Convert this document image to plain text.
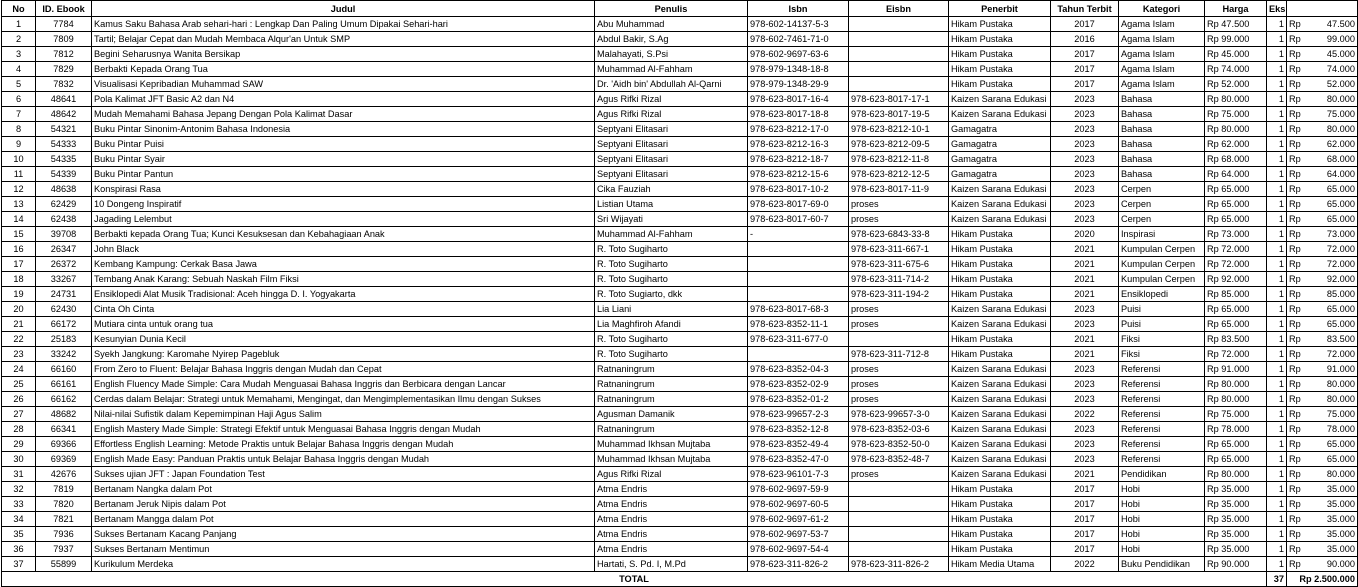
No	ID. Ebook	Judul	Penulis	Isbn	Eisbn	Penerbit	Tahun Terbit	Kategori	Harga	Eks	
1	7784	Kamus Saku Bahasa Arab sehari-hari : Lengkap Dan Paling Umum Dipakai Sehari-hari	Abu Muhammad	978-602-14137-5-3		Hikam Pustaka	2017	Agama Islam	Rp 47.500	1	Rp 47.500

2	7809	Tartil; Belajar Cepat dan Mudah Membaca Alqur'an Untuk SMP	Abdul Bakir, S.Ag	978-602-7461-71-0		Hikam Pustaka	2016	Agama Islam	Rp 99.000	1	Rp 99.000

3	7812	Begini Seharusnya Wanita Bersikap	Malahayati, S.Psi	978-602-9697-63-6		Hikam Pustaka	2017	Agama Islam	Rp 45.000	1	Rp 45.000

4	7829	Berbakti Kepada Orang Tua	Muhammad Al-Fahham	978-979-1348-18-8		Hikam Pustaka	2017	Agama Islam	Rp 74.000	1	Rp 74.000

5	7832	Visualisasi Kepribadian Muhammad SAW	Dr. 'Aidh bin' Abdullah Al-Qarni	978-979-1348-29-9		Hikam Pustaka	2017	Agama Islam	Rp 52.000	1	Rp 52.000

6	48641	Pola Kalimat JFT Basic A2 dan N4	Agus Rifki Rizal	978-623-8017-16-4	978-623-8017-17-1	Kaizen Sarana Edukasi	2023	Bahasa	Rp 80.000	1	Rp 80.000

7	48642	Mudah Memahami Bahasa Jepang Dengan Pola Kalimat Dasar	Agus Rifki Rizal	978-623-8017-18-8	978-623-8017-19-5	Kaizen Sarana Edukasi	2023	Bahasa	Rp 75.000	1	Rp 75.000

8	54321	Buku Pintar Sinonim-Antonim Bahasa Indonesia	Septyani Elitasari	978-623-8212-17-0	978-623-8212-10-1	Gamagatra	2023	Bahasa	Rp 80.000	1	Rp 80.000

9	54333	Buku Pintar Puisi	Septyani Elitasari	978-623-8212-16-3	978-623-8212-09-5	Gamagatra	2023	Bahasa	Rp 62.000	1	Rp 62.000

10	54335	Buku Pintar Syair	Septyani Elitasari	978-623-8212-18-7	978-623-8212-11-8	Gamagatra	2023	Bahasa	Rp 68.000	1	Rp 68.000

11	54339	Buku Pintar Pantun	Septyani Elitasari	978-623-8212-15-6	978-623-8212-12-5	Gamagatra	2023	Bahasa	Rp 64.000	1	Rp 64.000

12	48638	Konspirasi Rasa	Cika Fauziah	978-623-8017-10-2	978-623-8017-11-9	Kaizen Sarana Edukasi	2023	Cerpen	Rp 65.000	1	Rp 65.000

13	62429	10 Dongeng Inspiratif	Listian Utama	978-623-8017-69-0	proses	Kaizen Sarana Edukasi	2023	Cerpen	Rp 65.000	1	Rp 65.000

14	62438	Jagading Lelembut	Sri Wijayati	978-623-8017-60-7	proses	Kaizen Sarana Edukasi	2023	Cerpen	Rp 65.000	1	Rp 65.000

15	39708	Berbakti kepada Orang Tua; Kunci Kesuksesan dan Kebahagiaan Anak	Muhammad Al-Fahham	-	978-623-6843-33-8	Hikam Pustaka	2020	Inspirasi	Rp 73.000	1	Rp 73.000

16	26347	John Black	R. Toto Sugiharto		978-623-311-667-1	Hikam Pustaka	2021	Kumpulan Cerpen	Rp 72.000	1	Rp 72.000

17	26372	Kembang Kampung: Cerkak Basa Jawa	R. Toto Sugiharto		978-623-311-675-6	Hikam Pustaka	2021	Kumpulan Cerpen	Rp 72.000	1	Rp 72.000

18	33267	Tembang Anak Karang: Sebuah Naskah Film Fiksi	R. Toto Sugiharto		978-623-311-714-2	Hikam Pustaka	2021	Kumpulan Cerpen	Rp 92.000	1	Rp 92.000

19	24731	Ensiklopedi Alat Musik Tradisional: Aceh hingga D. I. Yogyakarta	R. Toto Sugiarto, dkk		978-623-311-194-2	Hikam Pustaka	2021	Ensiklopedi	Rp 85.000	1	Rp 85.000

20	62430	Cinta Oh Cinta	Lia Liani	978-623-8017-68-3	proses	Kaizen Sarana Edukasi	2023	Puisi	Rp 65.000	1	Rp 65.000

21	66172	Mutiara cinta untuk orang tua	Lia Maghfiroh Afandi	978-623-8352-11-1	proses	Kaizen Sarana Edukasi	2023	Puisi	Rp 65.000	1	Rp 65.000

22	25183	Kesunyian Dunia Kecil	R. Toto Sugiharto	978-623-311-677-0		Hikam Pustaka	2021	Fiksi	Rp 83.500	1	Rp 83.500

23	33242	Syekh Jangkung: Karomahe Nyirep Pagebluk	R. Toto Sugiharto		978-623-311-712-8	Hikam Pustaka	2021	Fiksi	Rp 72.000	1	Rp 72.000

24	66160	From Zero to Fluent: Belajar Bahasa Inggris dengan Mudah dan Cepat	Ratnaningrum	978-623-8352-04-3	proses	Kaizen Sarana Edukasi	2023	Referensi	Rp 91.000	1	Rp 91.000

25	66161	English Fluency Made Simple: Cara Mudah Menguasai Bahasa Inggris dan Berbicara dengan Lancar	Ratnaningrum	978-623-8352-02-9	proses	Kaizen Sarana Edukasi	2023	Referensi	Rp 80.000	1	Rp 80.000

26	66162	Cerdas dalam Belajar: Strategi untuk Memahami, Mengingat, dan Mengimplementasikan Ilmu dengan Sukses	Ratnaningrum	978-623-8352-01-2	proses	Kaizen Sarana Edukasi	2023	Referensi	Rp 80.000	1	Rp 80.000

27	48682	Nilai-nilai Sufistik dalam Kepemimpinan Haji Agus Salim	Agusman Damanik	978-623-99657-2-3	978-623-99657-3-0	Kaizen Sarana Edukasi	2022	Referensi	Rp 75.000	1	Rp 75.000

28	66341	English Mastery Made Simple: Strategi Efektif untuk Menguasai Bahasa Inggris dengan Mudah	Ratnaningrum	978-623-8352-12-8	978-623-8352-03-6	Kaizen Sarana Edukasi	2023	Referensi	Rp 78.000	1	Rp 78.000

29	69366	Effortless English Learning: Metode Praktis untuk Belajar Bahasa Inggris dengan Mudah	Muhammad Ikhsan Mujtaba	978-623-8352-49-4	978-623-8352-50-0	Kaizen Sarana Edukasi	2023	Referensi	Rp 65.000	1	Rp 65.000

30	69369	English Made Easy: Panduan Praktis untuk Belajar Bahasa Inggris dengan Mudah	Muhammad Ikhsan Mujtaba	978-623-8352-47-0	978-623-8352-48-7	Kaizen Sarana Edukasi	2023	Referensi	Rp 65.000	1	Rp 65.000

31	42676	Sukses ujian JFT : Japan Foundation Test	Agus Rifki Rizal	978-623-96101-7-3	proses	Kaizen Sarana Edukasi	2021	Pendidikan	Rp 80.000	1	Rp 80.000

32	7819	Bertanam Nangka dalam Pot	Atma Endris	978-602-9697-59-9		Hikam Pustaka	2017	Hobi	Rp 35.000	1	Rp 35.000

33	7820	Bertanam Jeruk Nipis dalam Pot	Atma Endris	978-602-9697-60-5		Hikam Pustaka	2017	Hobi	Rp 35.000	1	Rp 35.000

34	7821	Bertanam Mangga dalam Pot	Atma Endris	978-602-9697-61-2		Hikam Pustaka	2017	Hobi	Rp 35.000	1	Rp 35.000

35	7936	Sukses Bertanam Kacang Panjang	Atma Endris	978-602-9697-53-7		Hikam Pustaka	2017	Hobi	Rp 35.000	1	Rp 35.000

36	7937	Sukses Bertanam Mentimun	Atma Endris	978-602-9697-54-4		Hikam Pustaka	2017	Hobi	Rp 35.000	1	Rp 35.000

37	55899	Kurikulum Merdeka	Hartati, S. Pd. I, M.Pd	978-623-311-826-2	978-623-311-826-2	Hikam Media Utama	2022	Buku Pendidikan	Rp 90.000	1	Rp 90.000

TOTAL										37	Rp 2.500.000
